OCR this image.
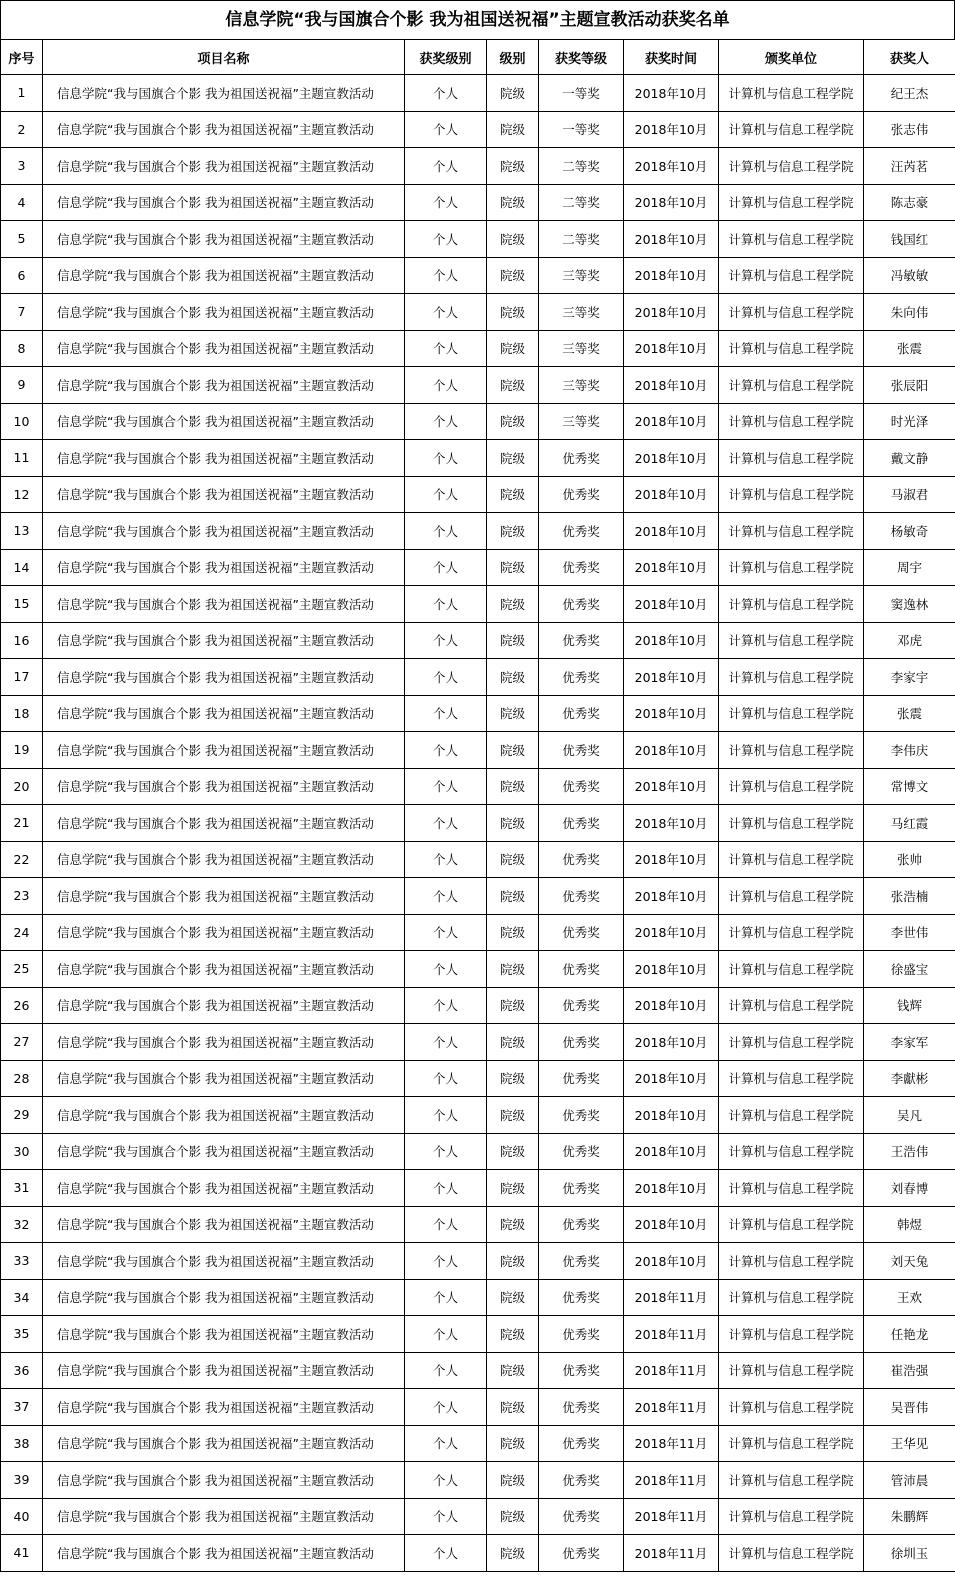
信息学院“我与国旗合个影 我为祖国送祝福”主题宣教活动获奖名单
序号	项目名称	获奖级别	级别	获奖等级	获奖时间	颁奖单位	获奖人
1	信息学院“我与国旗合个影 我为祖国送祝福”主题宣教活动	个人	院级	一等奖	2018年10月	计算机与信息工程学院	纪王杰
2	信息学院“我与国旗合个影 我为祖国送祝福”主题宣教活动	个人	院级	一等奖	2018年10月	计算机与信息工程学院	张志伟
3	信息学院“我与国旗合个影 我为祖国送祝福”主题宣教活动	个人	院级	二等奖	2018年10月	计算机与信息工程学院	汪芮茗
4	信息学院“我与国旗合个影 我为祖国送祝福”主题宣教活动	个人	院级	二等奖	2018年10月	计算机与信息工程学院	陈志豪
5	信息学院“我与国旗合个影 我为祖国送祝福”主题宣教活动	个人	院级	二等奖	2018年10月	计算机与信息工程学院	钱国红
6	信息学院“我与国旗合个影 我为祖国送祝福”主题宣教活动	个人	院级	三等奖	2018年10月	计算机与信息工程学院	冯敏敏
7	信息学院“我与国旗合个影 我为祖国送祝福”主题宣教活动	个人	院级	三等奖	2018年10月	计算机与信息工程学院	朱向伟
8	信息学院“我与国旗合个影 我为祖国送祝福”主题宣教活动	个人	院级	三等奖	2018年10月	计算机与信息工程学院	张震
9	信息学院“我与国旗合个影 我为祖国送祝福”主题宣教活动	个人	院级	三等奖	2018年10月	计算机与信息工程学院	张辰阳
10	信息学院“我与国旗合个影 我为祖国送祝福”主题宣教活动	个人	院级	三等奖	2018年10月	计算机与信息工程学院	时光泽
11	信息学院“我与国旗合个影 我为祖国送祝福”主题宣教活动	个人	院级	优秀奖	2018年10月	计算机与信息工程学院	戴文静
12	信息学院“我与国旗合个影 我为祖国送祝福”主题宣教活动	个人	院级	优秀奖	2018年10月	计算机与信息工程学院	马淑君
13	信息学院“我与国旗合个影 我为祖国送祝福”主题宣教活动	个人	院级	优秀奖	2018年10月	计算机与信息工程学院	杨敏奇
14	信息学院“我与国旗合个影 我为祖国送祝福”主题宣教活动	个人	院级	优秀奖	2018年10月	计算机与信息工程学院	周宇
15	信息学院“我与国旗合个影 我为祖国送祝福”主题宣教活动	个人	院级	优秀奖	2018年10月	计算机与信息工程学院	窦逸林
16	信息学院“我与国旗合个影 我为祖国送祝福”主题宣教活动	个人	院级	优秀奖	2018年10月	计算机与信息工程学院	邓虎
17	信息学院“我与国旗合个影 我为祖国送祝福”主题宣教活动	个人	院级	优秀奖	2018年10月	计算机与信息工程学院	李家宇
18	信息学院“我与国旗合个影 我为祖国送祝福”主题宣教活动	个人	院级	优秀奖	2018年10月	计算机与信息工程学院	张震
19	信息学院“我与国旗合个影 我为祖国送祝福”主题宣教活动	个人	院级	优秀奖	2018年10月	计算机与信息工程学院	李伟庆
20	信息学院“我与国旗合个影 我为祖国送祝福”主题宣教活动	个人	院级	优秀奖	2018年10月	计算机与信息工程学院	常博文
21	信息学院“我与国旗合个影 我为祖国送祝福”主题宣教活动	个人	院级	优秀奖	2018年10月	计算机与信息工程学院	马红霞
22	信息学院“我与国旗合个影 我为祖国送祝福”主题宣教活动	个人	院级	优秀奖	2018年10月	计算机与信息工程学院	张帅
23	信息学院“我与国旗合个影 我为祖国送祝福”主题宣教活动	个人	院级	优秀奖	2018年10月	计算机与信息工程学院	张浩楠
24	信息学院“我与国旗合个影 我为祖国送祝福”主题宣教活动	个人	院级	优秀奖	2018年10月	计算机与信息工程学院	李世伟
25	信息学院“我与国旗合个影 我为祖国送祝福”主题宣教活动	个人	院级	优秀奖	2018年10月	计算机与信息工程学院	徐盛宝
26	信息学院“我与国旗合个影 我为祖国送祝福”主题宣教活动	个人	院级	优秀奖	2018年10月	计算机与信息工程学院	钱辉
27	信息学院“我与国旗合个影 我为祖国送祝福”主题宣教活动	个人	院级	优秀奖	2018年10月	计算机与信息工程学院	李家军
28	信息学院“我与国旗合个影 我为祖国送祝福”主题宣教活动	个人	院级	优秀奖	2018年10月	计算机与信息工程学院	李獻彬
29	信息学院“我与国旗合个影 我为祖国送祝福”主题宣教活动	个人	院级	优秀奖	2018年10月	计算机与信息工程学院	吴凡
30	信息学院“我与国旗合个影 我为祖国送祝福”主题宣教活动	个人	院级	优秀奖	2018年10月	计算机与信息工程学院	王浩伟
31	信息学院“我与国旗合个影 我为祖国送祝福”主题宣教活动	个人	院级	优秀奖	2018年10月	计算机与信息工程学院	刘春博
32	信息学院“我与国旗合个影 我为祖国送祝福”主题宣教活动	个人	院级	优秀奖	2018年10月	计算机与信息工程学院	韩煜
33	信息学院“我与国旗合个影 我为祖国送祝福”主题宣教活动	个人	院级	优秀奖	2018年10月	计算机与信息工程学院	刘天兔
34	信息学院“我与国旗合个影 我为祖国送祝福”主题宣教活动	个人	院级	优秀奖	2018年11月	计算机与信息工程学院	王欢
35	信息学院“我与国旗合个影 我为祖国送祝福”主题宣教活动	个人	院级	优秀奖	2018年11月	计算机与信息工程学院	任艳龙
36	信息学院“我与国旗合个影 我为祖国送祝福”主题宣教活动	个人	院级	优秀奖	2018年11月	计算机与信息工程学院	崔浩强
37	信息学院“我与国旗合个影 我为祖国送祝福”主题宣教活动	个人	院级	优秀奖	2018年11月	计算机与信息工程学院	吴晋伟
38	信息学院“我与国旗合个影 我为祖国送祝福”主题宣教活动	个人	院级	优秀奖	2018年11月	计算机与信息工程学院	王华见
39	信息学院“我与国旗合个影 我为祖国送祝福”主题宣教活动	个人	院级	优秀奖	2018年11月	计算机与信息工程学院	管沛晨
40	信息学院“我与国旗合个影 我为祖国送祝福”主题宣教活动	个人	院级	优秀奖	2018年11月	计算机与信息工程学院	朱鹏辉
41	信息学院“我与国旗合个影 我为祖国送祝福”主题宣教活动	个人	院级	优秀奖	2018年11月	计算机与信息工程学院	徐圳玉
